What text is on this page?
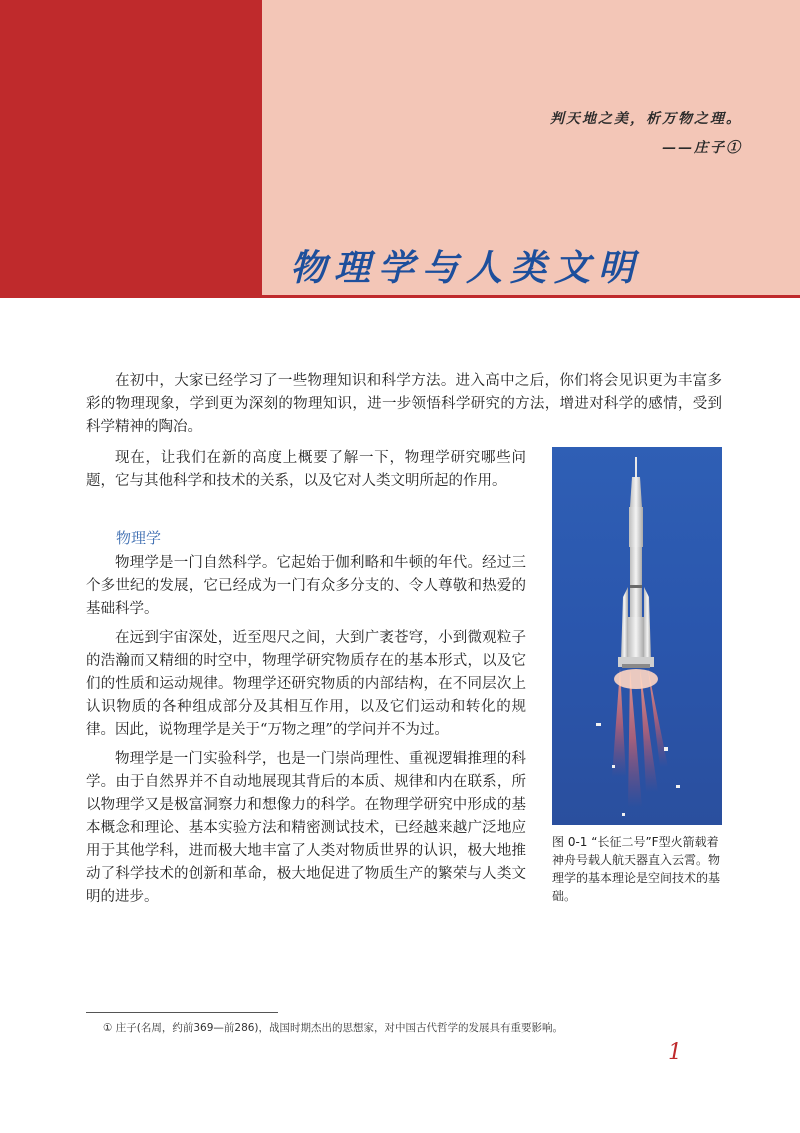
判天地之美，析万物之理。
——庄子①
物理学与人类文明

在初中，大家已经学习了一些物理知识和科学方法。进入高中之后，你们将会见识更为丰富多彩的物理现象，学到更为深刻的物理知识，进一步领悟科学研究的方法，增进对科学的感情，受到科学精神的陶冶。

现在，让我们在新的高度上概要了解一下，物理学研究哪些问题，它与其他科学和技术的关系，以及它对人类文明所起的作用。

物理学

物理学是一门自然科学。它起始于伽利略和牛顿的年代。经过三个多世纪的发展，它已经成为一门有众多分支的、令人尊敬和热爱的基础科学。

在远到宇宙深处，近至咫尺之间，大到广袤苍穹，小到微观粒子的浩瀚而又精细的时空中，物理学研究物质存在的基本形式，以及它们的性质和运动规律。物理学还研究物质的内部结构，在不同层次上认识物质的各种组成部分及其相互作用，以及它们运动和转化的规律。因此，说物理学是关于“万物之理”的学问并不为过。

物理学是一门实验科学，也是一门崇尚理性、重视逻辑推理的科学。由于自然界并不自动地展现其背后的本质、规律和内在联系，所以物理学又是极富洞察力和想像力的科学。在物理学研究中形成的基本概念和理论、基本实验方法和精密测试技术，已经越来越广泛地应用于其他学科，进而极大地丰富了人类对物质世界的认识，极大地推动了科学技术的创新和革命，极大地促进了物质生产的繁荣与人类文明的进步。

图 0-1 “长征二号”F型火箭载着神舟号载人航天器直入云霄。物理学的基本理论是空间技术的基础。
① 庄子(名周，约前369—前286)，战国时期杰出的思想家，对中国古代哲学的发展具有重要影响。
1
